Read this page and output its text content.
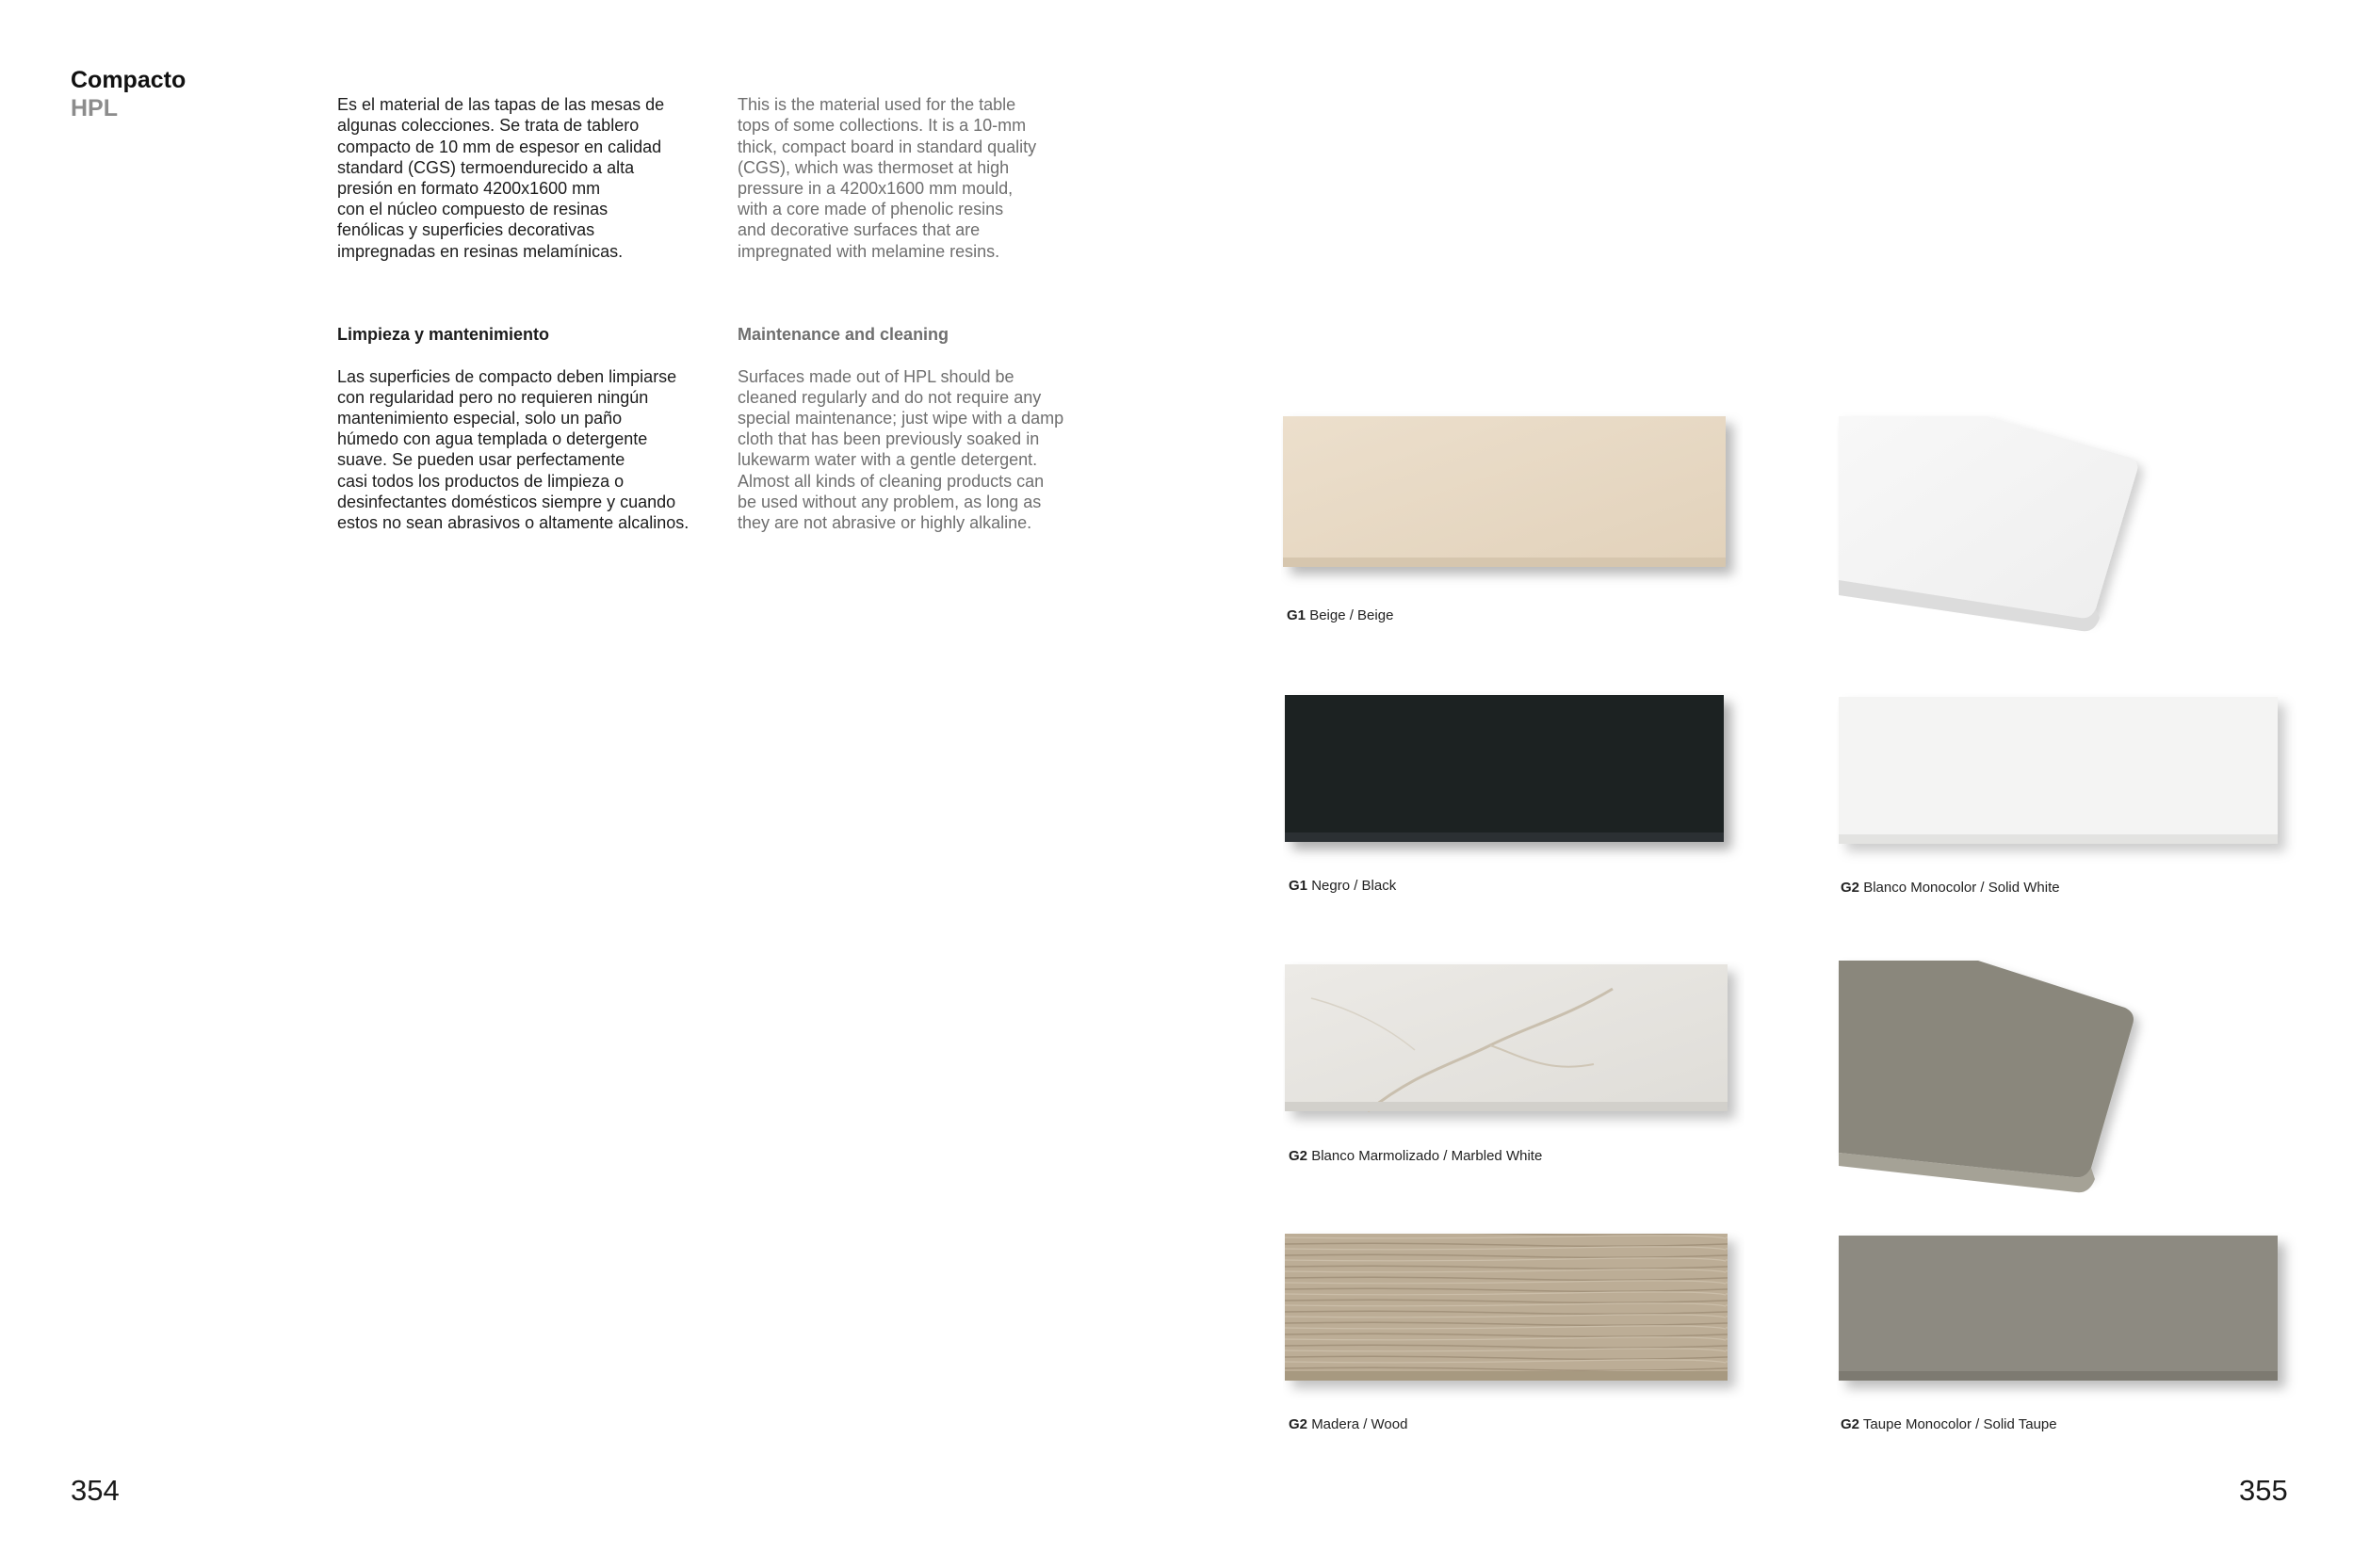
Compacto
HPL	Es el material de las tapas de las mesas de
algunas colecciones. Se trata de tablero
compacto de 10 mm de espesor en calidad
standard (CGS) termoendurecido a alta
presión en formato 4200x1600 mm
con el núcleo compuesto de resinas
fenólicas y superficies decorativas
impregnadas en resinas melamínicas.

Limpieza y mantenimiento

Las superficies de compacto deben limpiarse
con regularidad pero no requieren ningún
mantenimiento especial, solo un paño
húmedo con agua templada o detergente
suave. Se pueden usar perfectamente
casi todos los productos de limpieza o
desinfectantes domésticos siempre y cuando
estos no sean abrasivos o altamente alcalinos.

This is the material used for the table
tops of some collections. It is a 10-mm
thick, compact board in standard quality
(CGS), which was thermoset at high
pressure in a 4200x1600 mm mould,
with a core made of phenolic resins
and decorative surfaces that are
impregnated with melamine resins.

Maintenance and cleaning

Surfaces made out of HPL should be
cleaned regularly and do not require any
special maintenance; just wipe with a damp
cloth that has been previously soaked in
lukewarm water with a gentle detergent.
Almost all kinds of cleaning products can
be used without any problem, as long as
they are not abrasive or highly alkaline.

G1 Beige / Beige
G1 Negro / Black	G2 Blanco Monocolor / Solid White
G2 Blanco Marmolizado / Marbled White
G2 Madera / Wood	G2 Taupe Monocolor / Solid Taupe
354	355
